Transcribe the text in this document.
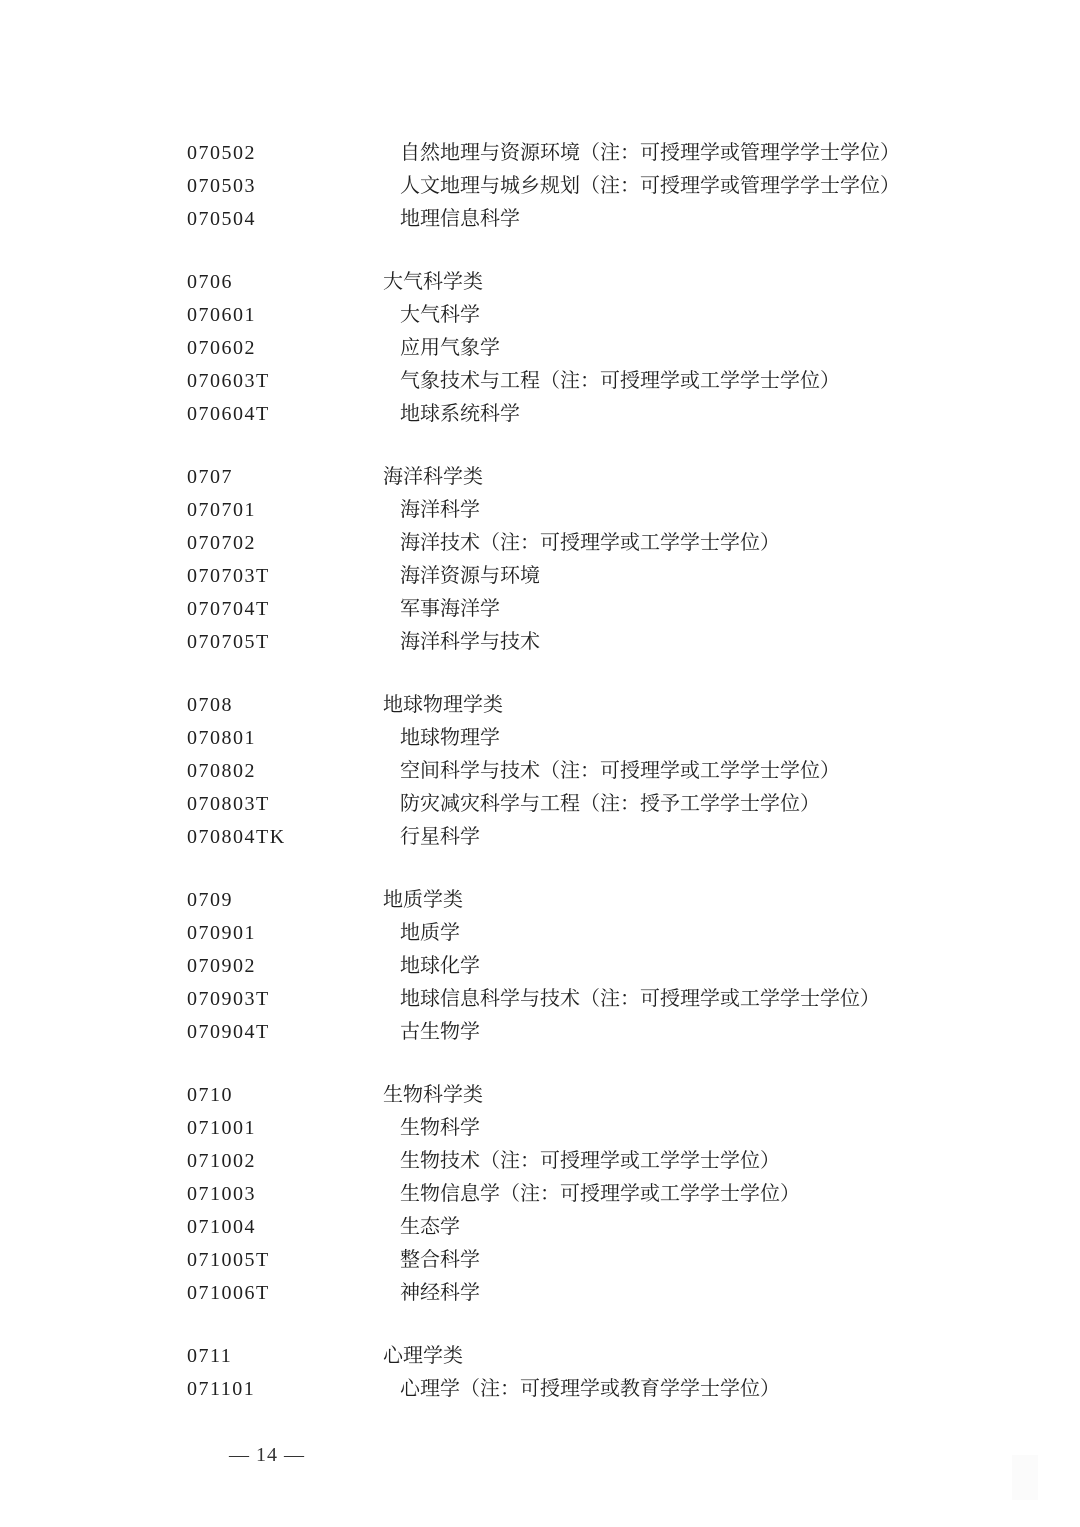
070502	自然地理与资源环境（注：可授理学或管理学学士学位）
070503	人文地理与城乡规划（注：可授理学或管理学学士学位）
070504	地理信息科学
0706	大气科学类
070601	大气科学
070602	应用气象学
070603T	气象技术与工程（注：可授理学或工学学士学位）
070604T	地球系统科学
0707	海洋科学类
070701	海洋科学
070702	海洋技术（注：可授理学或工学学士学位）
070703T	海洋资源与环境
070704T	军事海洋学
070705T	海洋科学与技术
0708	地球物理学类
070801	地球物理学
070802	空间科学与技术（注：可授理学或工学学士学位）
070803T	防灾减灾科学与工程（注：授予工学学士学位）
070804TK	行星科学
0709	地质学类
070901	地质学
070902	地球化学
070903T	地球信息科学与技术（注：可授理学或工学学士学位）
070904T	古生物学
0710	生物科学类
071001	生物科学
071002	生物技术（注：可授理学或工学学士学位）
071003	生物信息学（注：可授理学或工学学士学位）
071004	生态学
071005T	整合科学
071006T	神经科学
0711	心理学类
071101	心理学（注：可授理学或教育学学士学位）

— 14 —
